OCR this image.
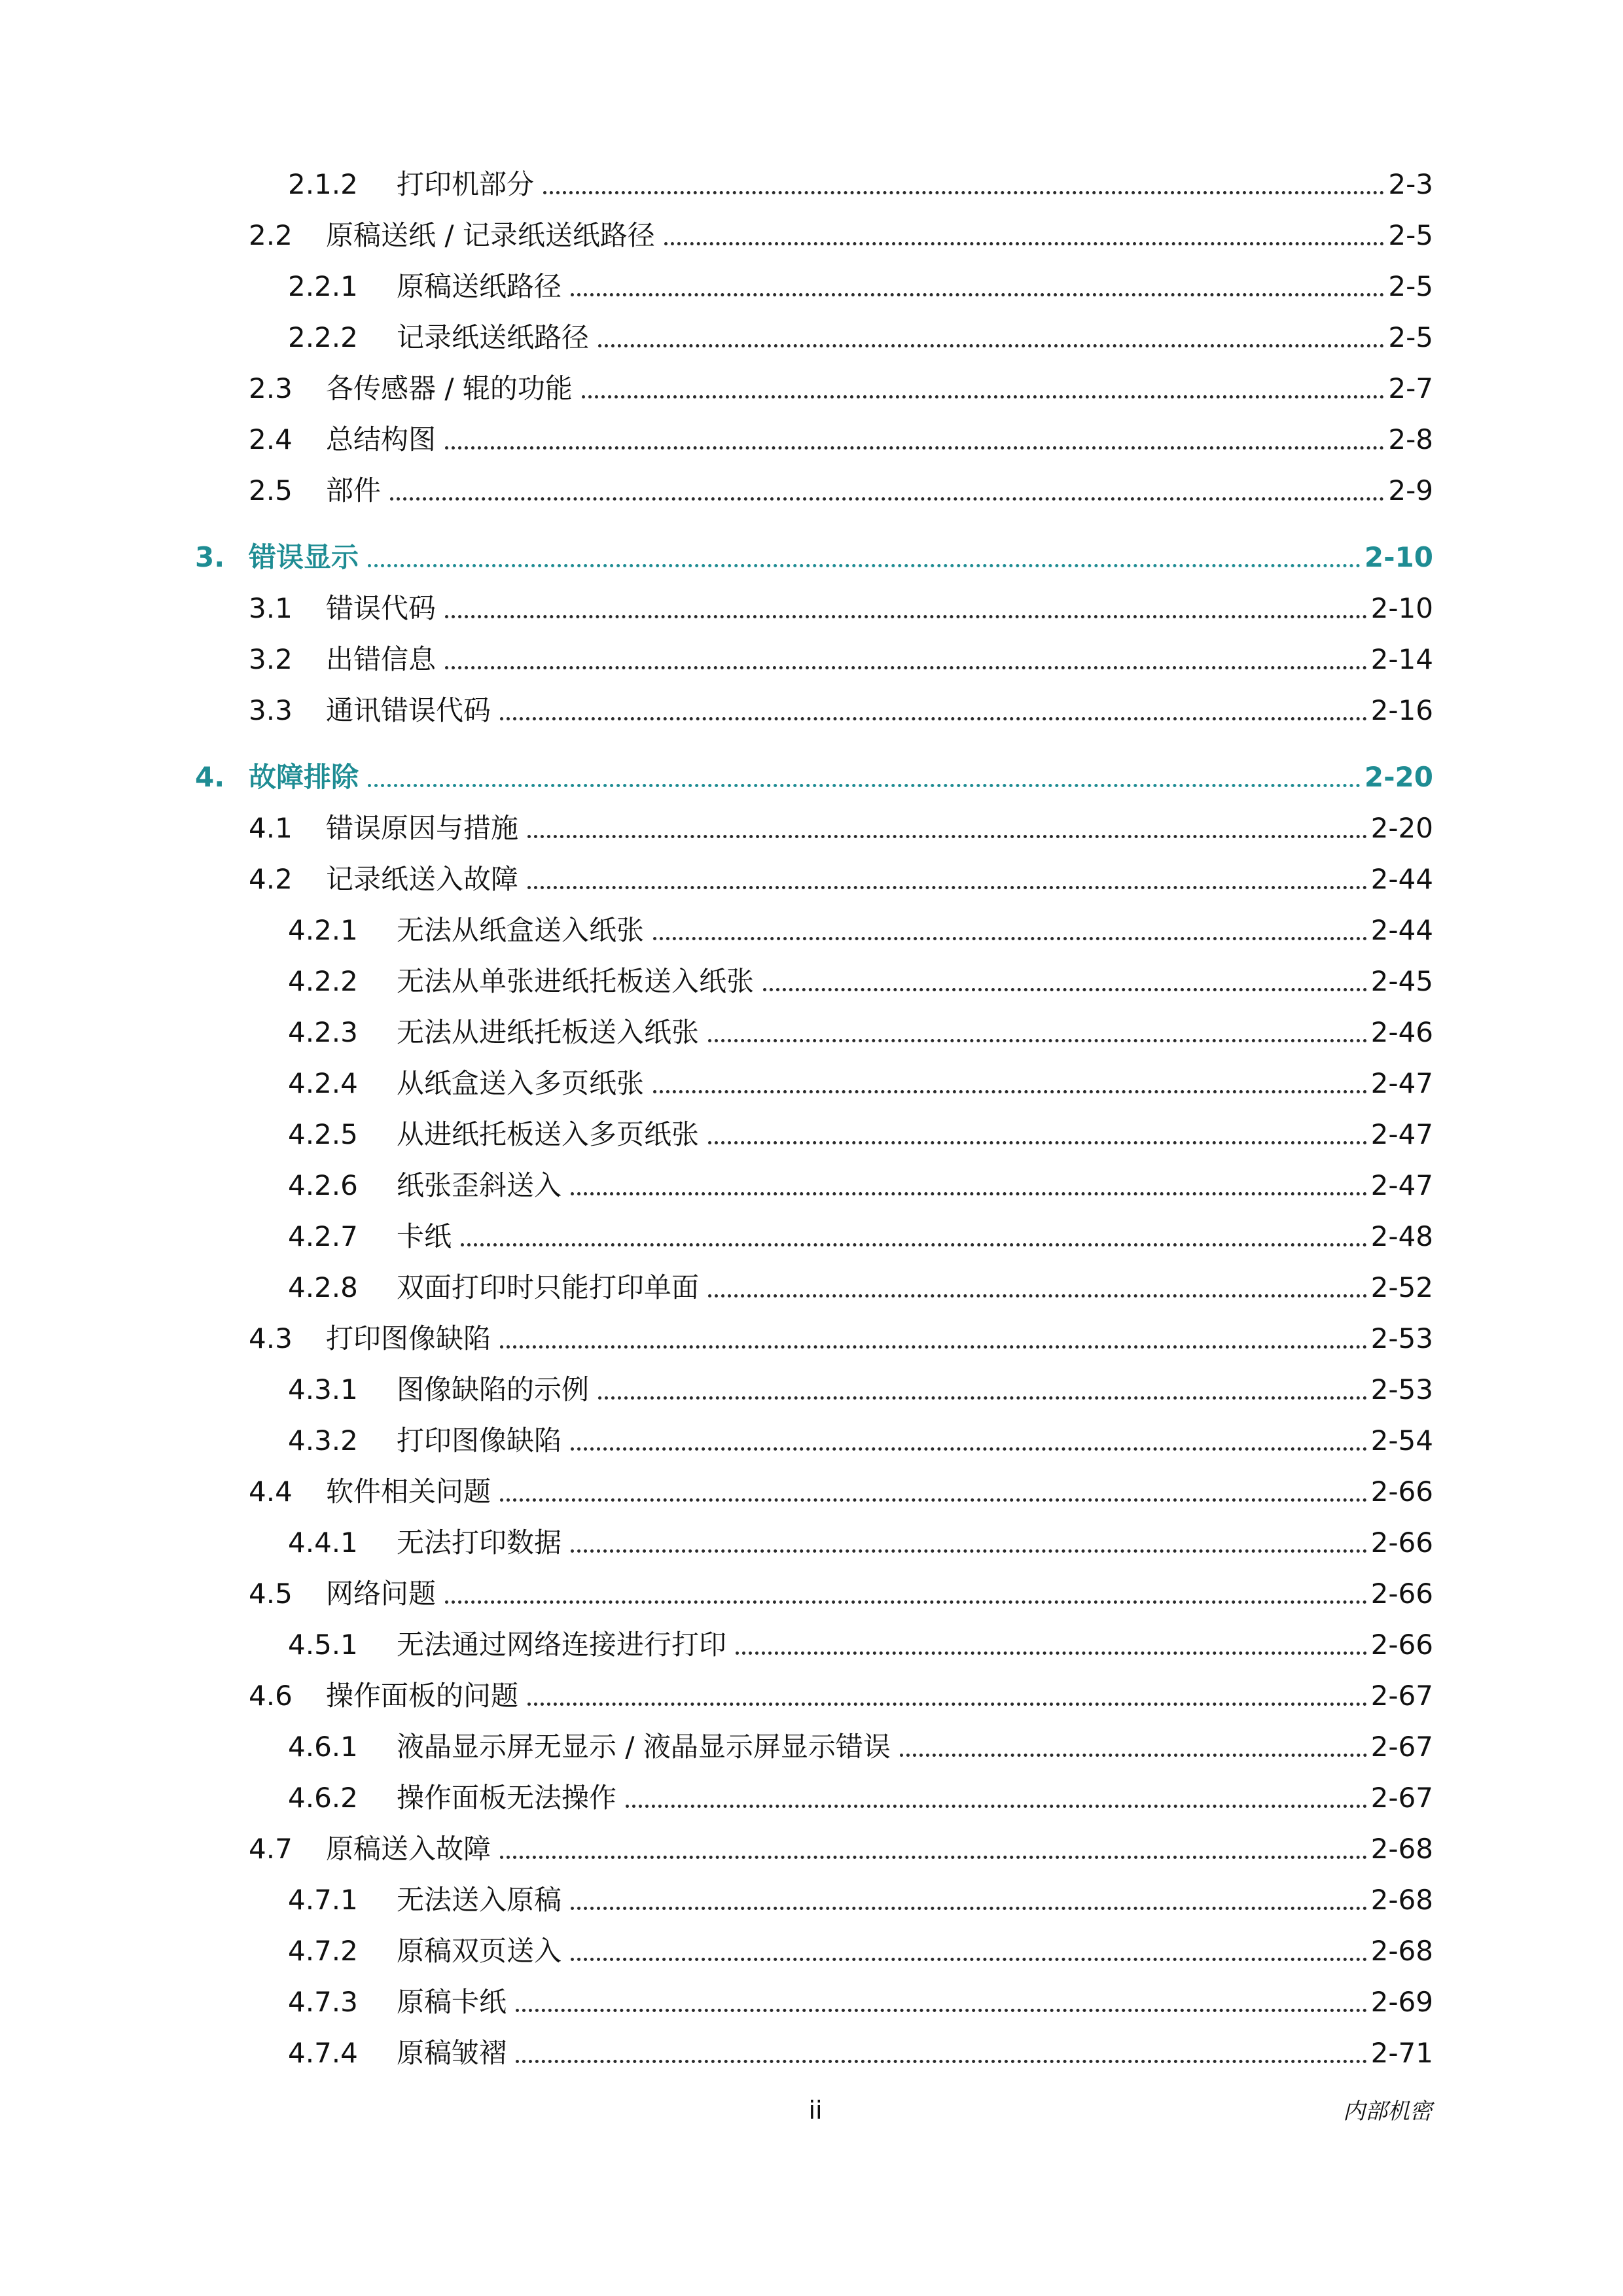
2.1.2	打印机部分	2-3
2.2	原稿送纸 / 记录纸送纸路径	2-5
2.2.1	原稿送纸路径	2-5
2.2.2	记录纸送纸路径	2-5
2.3	各传感器 / 辊的功能	2-7
2.4	总结构图	2-8
2.5	部件	2-9
3. 错误显示	2-10
3.1	错误代码	2-10
3.2	出错信息	2-14
3.3	通讯错误代码	2-16
4. 故障排除	2-20
4.1	错误原因与措施	2-20
4.2	记录纸送入故障	2-44
4.2.1	无法从纸盒送入纸张	2-44
4.2.2	无法从单张进纸托板送入纸张	2-45
4.2.3	无法从进纸托板送入纸张	2-46
4.2.4	从纸盒送入多页纸张	2-47
4.2.5	从进纸托板送入多页纸张	2-47
4.2.6	纸张歪斜送入	2-47
4.2.7	卡纸	2-48
4.2.8	双面打印时只能打印单面	2-52
4.3	打印图像缺陷	2-53
4.3.1	图像缺陷的示例	2-53
4.3.2	打印图像缺陷	2-54
4.4	软件相关问题	2-66
4.4.1	无法打印数据	2-66
4.5	网络问题	2-66
4.5.1	无法通过网络连接进行打印	2-66
4.6	操作面板的问题	2-67
4.6.1	液晶显示屏无显示 / 液晶显示屏显示错误	2-67
4.6.2	操作面板无法操作	2-67
4.7	原稿送入故障	2-68
4.7.1	无法送入原稿	2-68
4.7.2	原稿双页送入	2-68
4.7.3	原稿卡纸	2-69
4.7.4	原稿皱褶	2-71
ii	内部机密
